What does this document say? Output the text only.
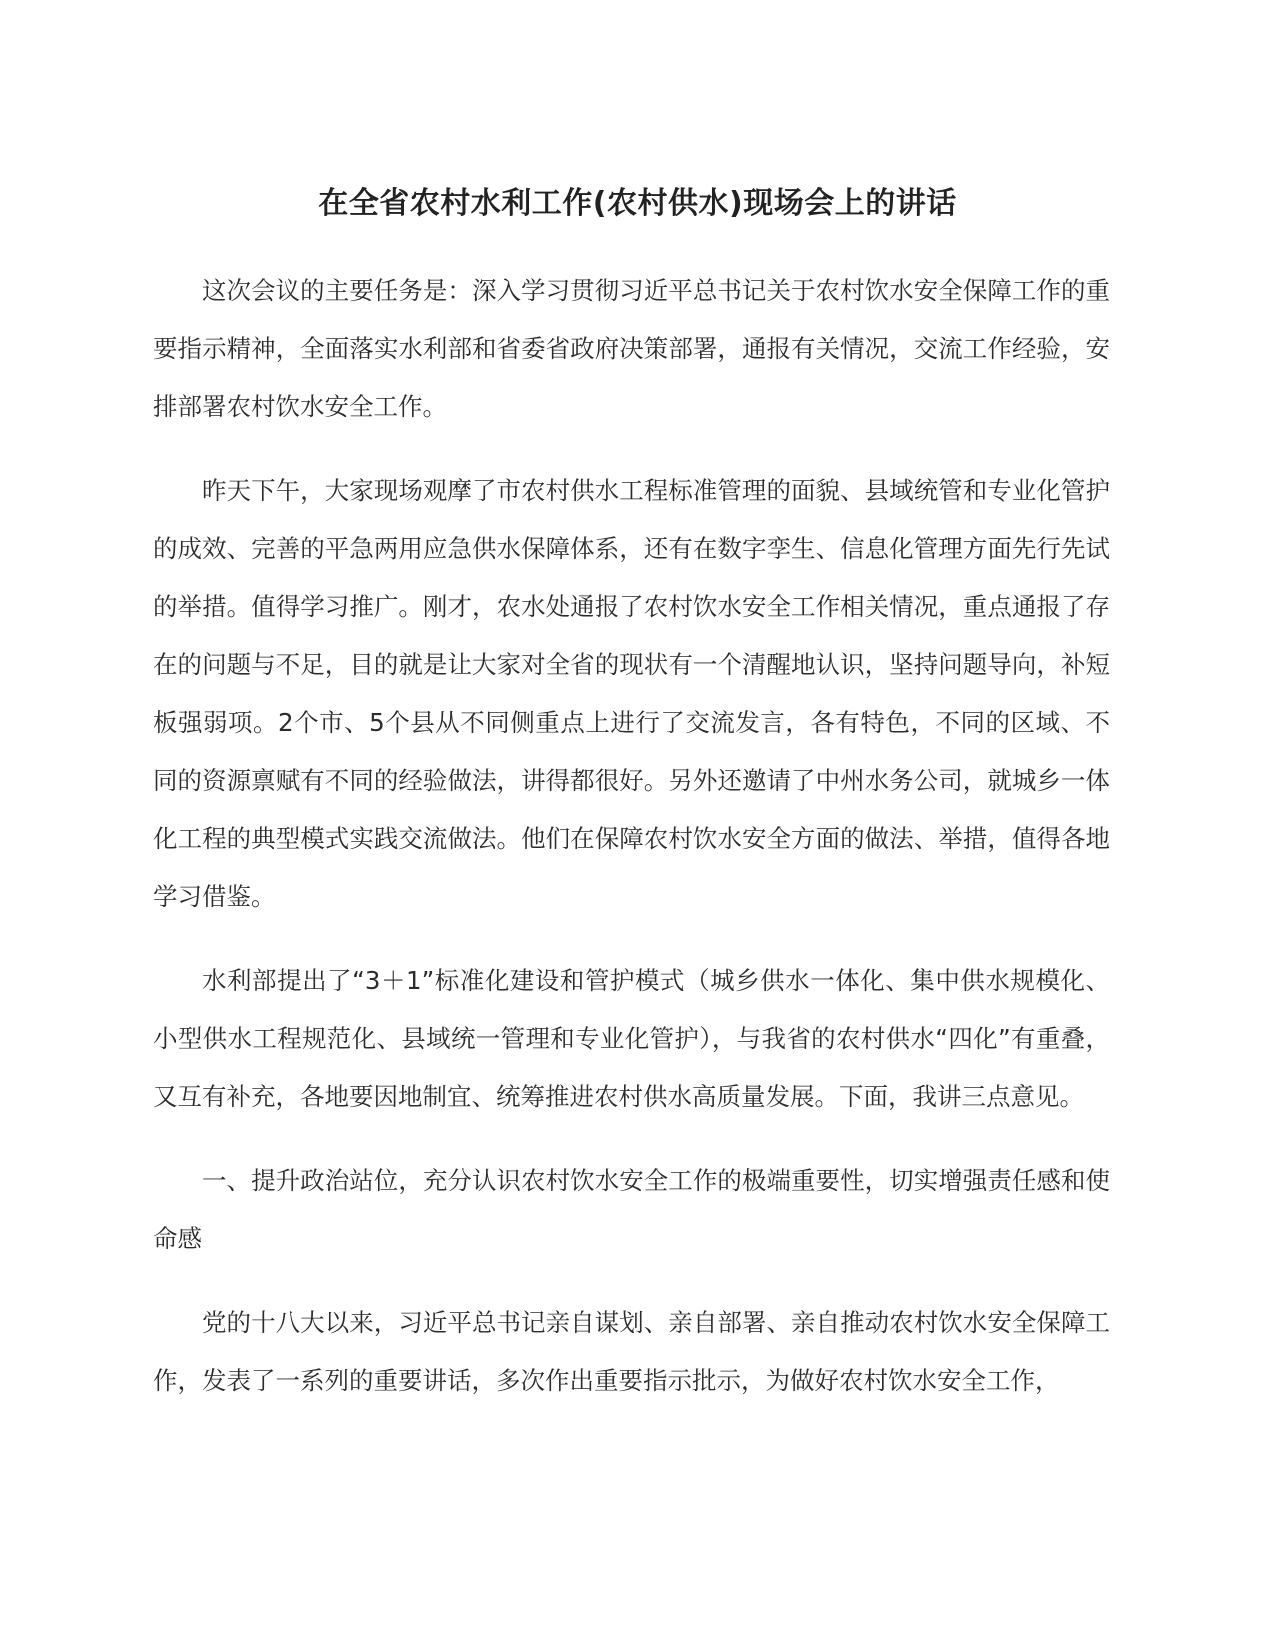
在全省农村水利工作(农村供水)现场会上的讲话

这次会议的主要任务是：深入学习贯彻习近平总书记关于农村饮水安全保障工作的重要指示精神，全面落实水利部和省委省政府决策部署，通报有关情况，交流工作经验，安排部署农村饮水安全工作。

昨天下午，大家现场观摩了市农村供水工程标准管理的面貌、县域统管和专业化管护的成效、完善的平急两用应急供水保障体系，还有在数字孪生、信息化管理方面先行先试的举措。值得学习推广。刚才，农水处通报了农村饮水安全工作相关情况，重点通报了存在的问题与不足，目的就是让大家对全省的现状有一个清醒地认识，坚持问题导向，补短板强弱项。2个市、5个县从不同侧重点上进行了交流发言，各有特色，不同的区域、不同的资源禀赋有不同的经验做法，讲得都很好。另外还邀请了中州水务公司，就城乡一体化工程的典型模式实践交流做法。他们在保障农村饮水安全方面的做法、举措，值得各地学习借鉴。

水利部提出了“3＋1”标准化建设和管护模式（城乡供水一体化、集中供水规模化、小型供水工程规范化、县域统一管理和专业化管护），与我省的农村供水“四化”有重叠，又互有补充，各地要因地制宜、统筹推进农村供水高质量发展。下面，我讲三点意见。

一、提升政治站位，充分认识农村饮水安全工作的极端重要性，切实增强责任感和使命感

党的十八大以来，习近平总书记亲自谋划、亲自部署、亲自推动农村饮水安全保障工作，发表了一系列的重要讲话，多次作出重要指示批示，为做好农村饮水安全工作，
